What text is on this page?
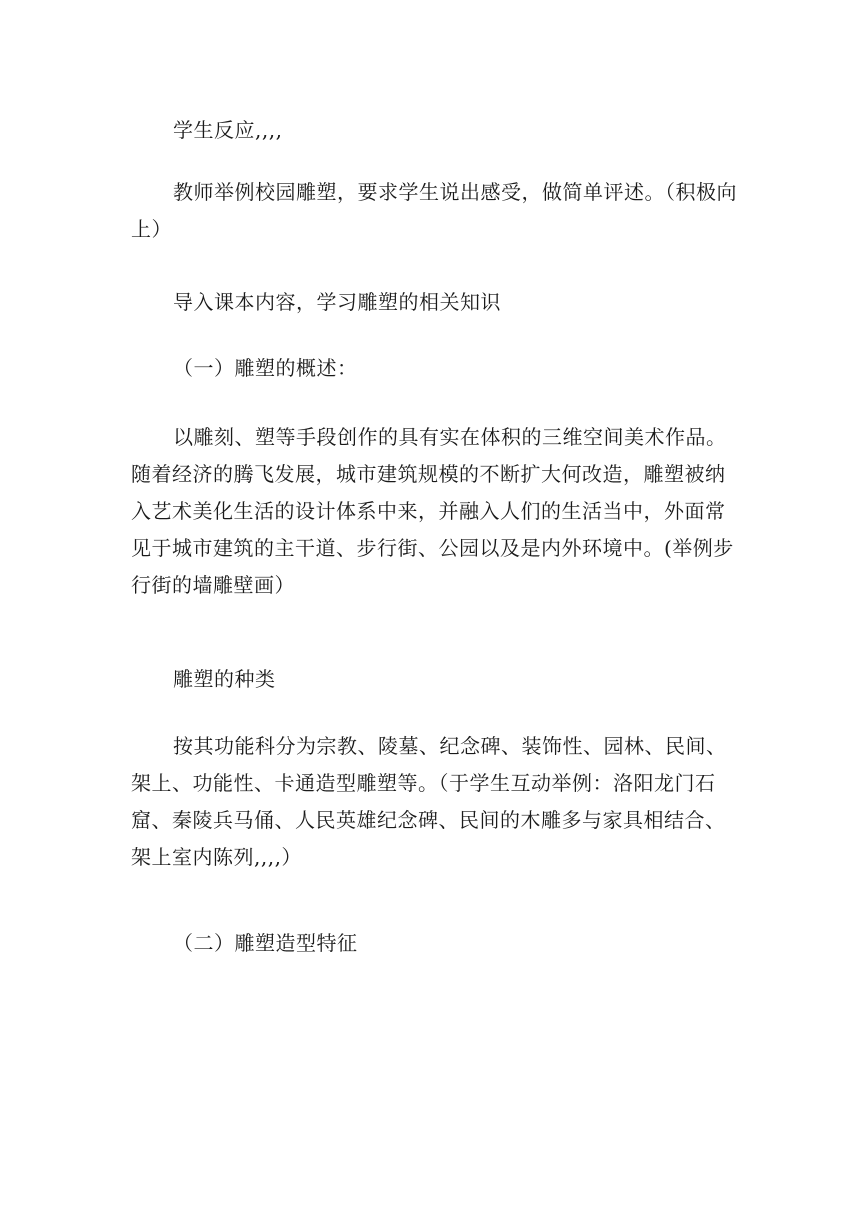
学生反应,,,,

教师举例校园雕塑，要求学生说出感受，做简单评述。（积极向上）

导入课本内容，学习雕塑的相关知识

（一）雕塑的概述：

以雕刻、塑等手段创作的具有实在体积的三维空间美术作品。随着经济的腾飞发展，城市建筑规模的不断扩大何改造，雕塑被纳入艺术美化生活的设计体系中来，并融入人们的生活当中，外面常见于城市建筑的主干道、步行街、公园以及是内外环境中。(举例步行街的墙雕壁画）

雕塑的种类

按其功能科分为宗教、陵墓、纪念碑、装饰性、园林、民间、架上、功能性、卡通造型雕塑等。（于学生互动举例：洛阳龙门石窟、秦陵兵马俑、人民英雄纪念碑、民间的木雕多与家具相结合、架上室内陈列,,,,）

（二）雕塑造型特征
